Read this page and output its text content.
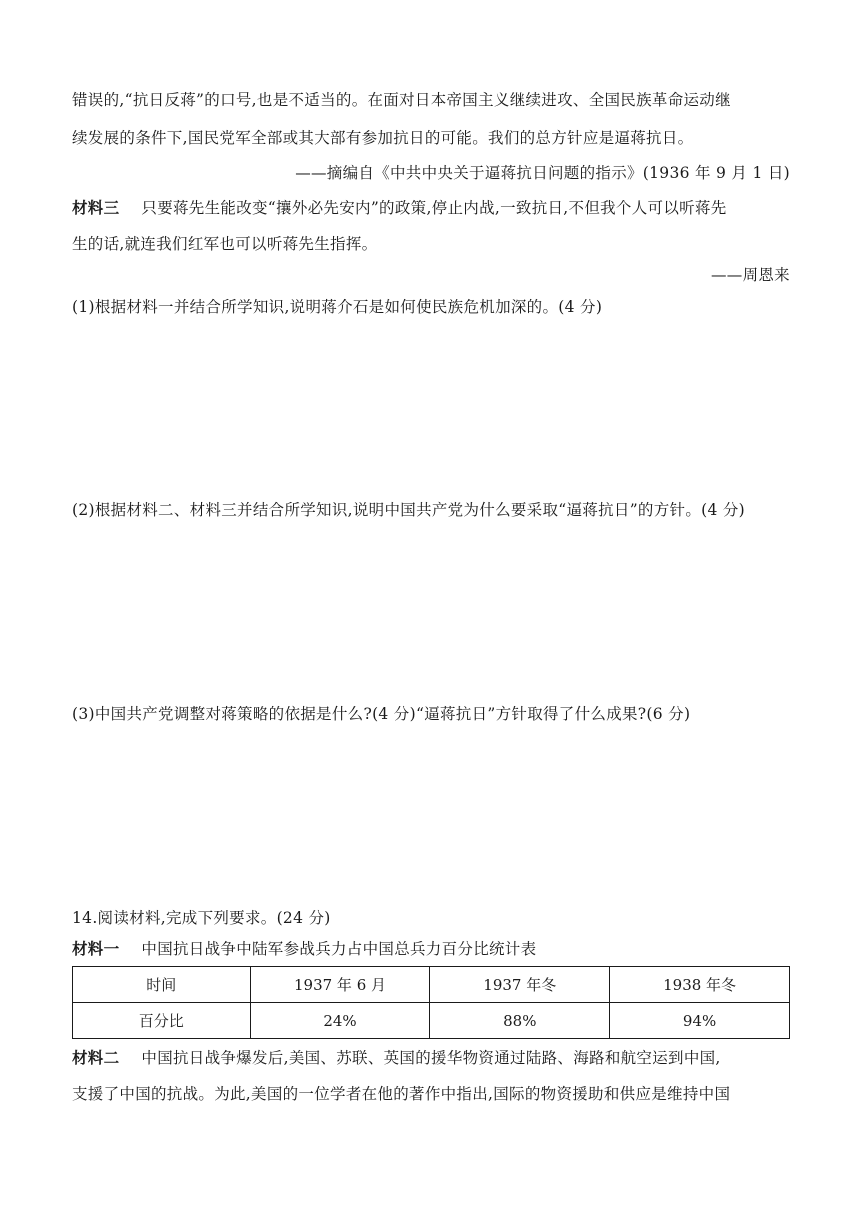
错误的,“抗日反蒋”的口号,也是不适当的。在面对日本帝国主义继续进攻、全国民族革命运动继
续发展的条件下,国民党军全部或其大部有参加抗日的可能。我们的总方针应是逼蒋抗日。
——摘编自《中共中央关于逼蒋抗日问题的指示》(1936 年 9 月 1 日)
材料三 只要蒋先生能改变“攘外必先安内”的政策,停止内战,一致抗日,不但我个人可以听蒋先
生的话,就连我们红军也可以听蒋先生指挥。
——周恩来
(1)根据材料一并结合所学知识,说明蒋介石是如何使民族危机加深的。(4 分)
(2)根据材料二、材料三并结合所学知识,说明中国共产党为什么要采取“逼蒋抗日”的方针。(4 分)
(3)中国共产党调整对蒋策略的依据是什么?(4 分)“逼蒋抗日”方针取得了什么成果?(6 分)
14.阅读材料,完成下列要求。(24 分)
材料一 中国抗日战争中陆军参战兵力占中国总兵力百分比统计表
时间	1937 年 6 月	1937 年冬	1938 年冬
百分比	24%	88%	94%
材料二 中国抗日战争爆发后,美国、苏联、英国的援华物资通过陆路、海路和航空运到中国,
支援了中国的抗战。为此,美国的一位学者在他的著作中指出,国际的物资援助和供应是维持中国
